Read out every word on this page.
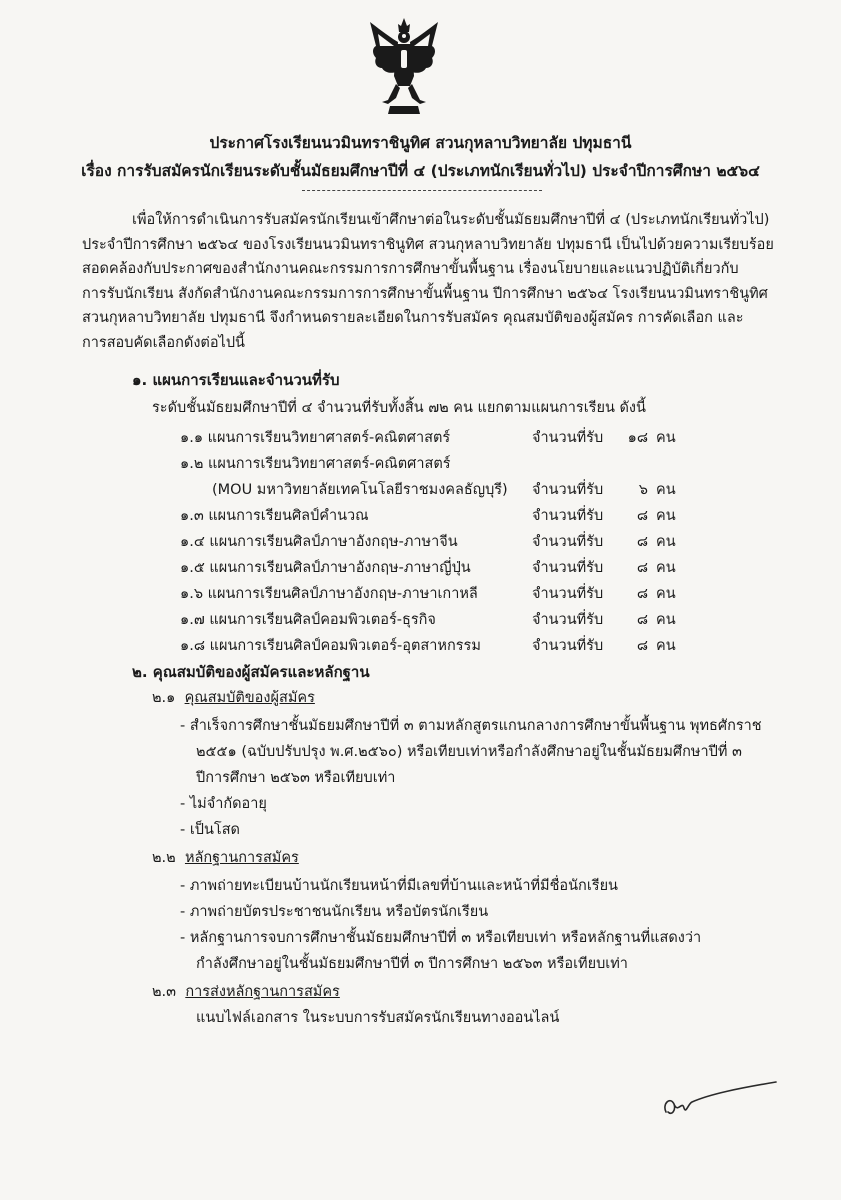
ประกาศโรงเรียนนวมินทราชินูทิศ สวนกุหลาบวิทยาลัย ปทุมธานี
เรื่อง การรับสมัครนักเรียนระดับชั้นมัธยมศึกษาปีที่ ๔ (ประเภทนักเรียนทั่วไป) ประจำปีการศึกษา ๒๕๖๔
เพื่อให้การดำเนินการรับสมัครนักเรียนเข้าศึกษาต่อในระดับชั้นมัธยมศึกษาปีที่ ๔ (ประเภทนักเรียนทั่วไป)
ประจำปีการศึกษา ๒๕๖๔ ของโรงเรียนนวมินทราชินูทิศ สวนกุหลาบวิทยาลัย ปทุมธานี เป็นไปด้วยความเรียบร้อย
สอดคล้องกับประกาศของสำนักงานคณะกรรมการการศึกษาขั้นพื้นฐาน เรื่องนโยบายและแนวปฏิบัติเกี่ยวกับ
การรับนักเรียน สังกัดสำนักงานคณะกรรมการการศึกษาขั้นพื้นฐาน ปีการศึกษา ๒๕๖๔ โรงเรียนนวมินทราชินูทิศ
สวนกุหลาบวิทยาลัย ปทุมธานี จึงกำหนดรายละเอียดในการรับสมัคร คุณสมบัติของผู้สมัคร การคัดเลือก และ
การสอบคัดเลือกดังต่อไปนี้
๑. แผนการเรียนและจำนวนที่รับ
ระดับชั้นมัธยมศึกษาปีที่ ๔ จำนวนที่รับทั้งสิ้น ๗๒ คน แยกตามแผนการเรียน ดังนี้
๑.๑ แผนการเรียนวิทยาศาสตร์-คณิตศาสตร์	จำนวนที่รับ ๑๘ คน
๑.๒ แผนการเรียนวิทยาศาสตร์-คณิตศาสตร์
(MOU มหาวิทยาลัยเทคโนโลยีราชมงคลธัญบุรี) จำนวนที่รับ ๖ คน
๑.๓ แผนการเรียนศิลป์คำนวณ	จำนวนที่รับ ๘ คน
๑.๔ แผนการเรียนศิลป์ภาษาอังกฤษ-ภาษาจีน	จำนวนที่รับ ๘ คน
๑.๕ แผนการเรียนศิลป์ภาษาอังกฤษ-ภาษาญี่ปุ่น	จำนวนที่รับ ๘ คน
๑.๖ แผนการเรียนศิลป์ภาษาอังกฤษ-ภาษาเกาหลี	จำนวนที่รับ ๘ คน
๑.๗ แผนการเรียนศิลป์คอมพิวเตอร์-ธุรกิจ	จำนวนที่รับ ๘ คน
๑.๘ แผนการเรียนศิลป์คอมพิวเตอร์-อุตสาหกรรม	จำนวนที่รับ ๘ คน
๒. คุณสมบัติของผู้สมัครและหลักฐาน
๒.๑ คุณสมบัติของผู้สมัคร
- สำเร็จการศึกษาชั้นมัธยมศึกษาปีที่ ๓ ตามหลักสูตรแกนกลางการศึกษาขั้นพื้นฐาน พุทธศักราช
๒๕๕๑ (ฉบับปรับปรุง พ.ศ.๒๕๖๐) หรือเทียบเท่าหรือกำลังศึกษาอยู่ในชั้นมัธยมศึกษาปีที่ ๓
ปีการศึกษา ๒๕๖๓ หรือเทียบเท่า
- ไม่จำกัดอายุ
- เป็นโสด
๒.๒ หลักฐานการสมัคร
- ภาพถ่ายทะเบียนบ้านนักเรียนหน้าที่มีเลขที่บ้านและหน้าที่มีชื่อนักเรียน
- ภาพถ่ายบัตรประชาชนนักเรียน หรือบัตรนักเรียน
- หลักฐานการจบการศึกษาชั้นมัธยมศึกษาปีที่ ๓ หรือเทียบเท่า หรือหลักฐานที่แสดงว่า
กำลังศึกษาอยู่ในชั้นมัธยมศึกษาปีที่ ๓ ปีการศึกษา ๒๕๖๓ หรือเทียบเท่า
๒.๓ การส่งหลักฐานการสมัคร
แนบไฟล์เอกสาร ในระบบการรับสมัครนักเรียนทางออนไลน์
